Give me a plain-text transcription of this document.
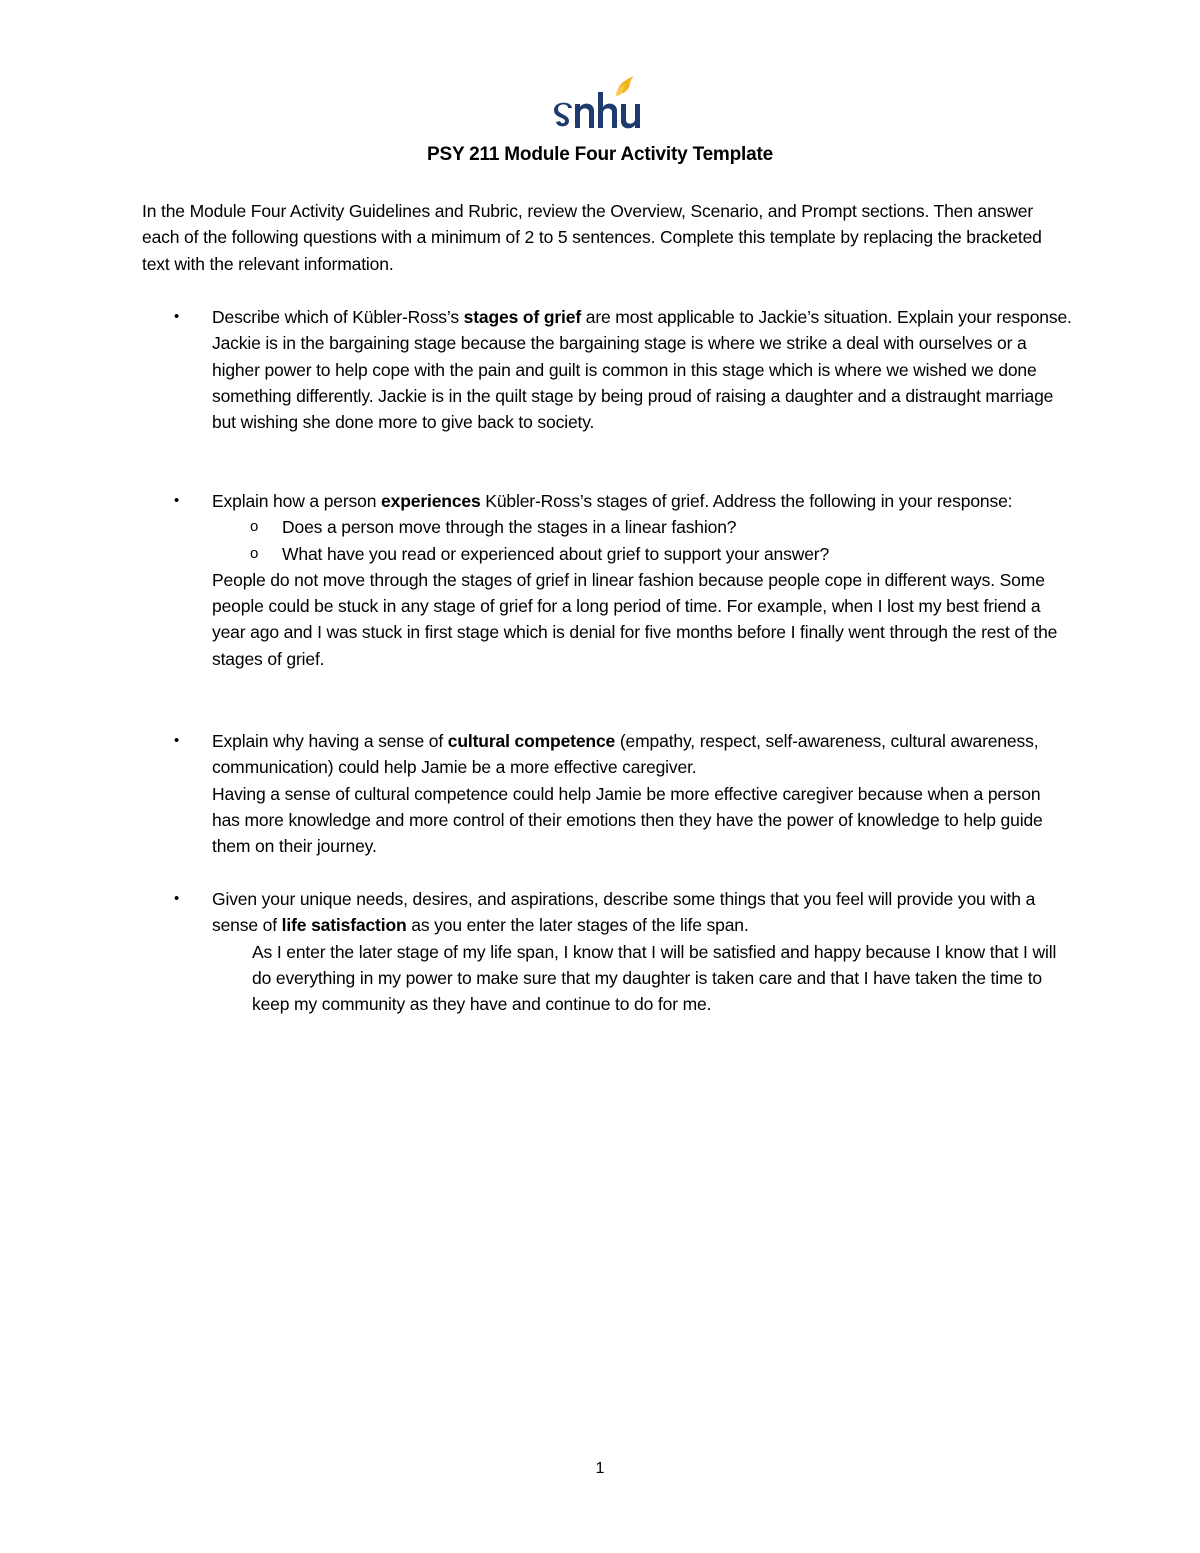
PSY 211 Module Four Activity Template
In the Module Four Activity Guidelines and Rubric, review the Overview, Scenario, and Prompt sections. Then answer each of the following questions with a minimum of 2 to 5 sentences. Complete this template by replacing the bracketed text with the relevant information.
•	Describe which of Kübler-Ross’s stages of grief are most applicable to Jackie’s situation. Explain your response.

Jackie is in the bargaining stage because the bargaining stage is where we strike a deal with ourselves or a higher power to help cope with the pain and guilt is common in this stage which is where we wished we done something differently. Jackie is in the quilt stage by being proud of raising a daughter and a distraught marriage but wishing she done more to give back to society.

•	Explain how a person experiences Kübler-Ross’s stages of grief. Address the following in your response:

o Does a person move through the stages in a linear fashion?
o What have you read or experienced about grief to support your answer?

People do not move through the stages of grief in linear fashion because people cope in different ways. Some people could be stuck in any stage of grief for a long period of time. For example, when I lost my best friend a year ago and I was stuck in first stage which is denial for five months before I finally went through the rest of the stages of grief.

•	Explain why having a sense of cultural competence (empathy, respect, self-awareness, cultural awareness, communication) could help Jamie be a more effective caregiver.

Having a sense of cultural competence could help Jamie be more effective caregiver because when a person has more knowledge and more control of their emotions then they have the power of knowledge to help guide them on their journey.

•	Given your unique needs, desires, and aspirations, describe some things that you feel will provide you with a sense of life satisfaction as you enter the later stages of the life span.

As I enter the later stage of my life span, I know that I will be satisfied and happy because I know that I will do everything in my power to make sure that my daughter is taken care and that I have taken the time to keep my community as they have and continue to do for me.

1
